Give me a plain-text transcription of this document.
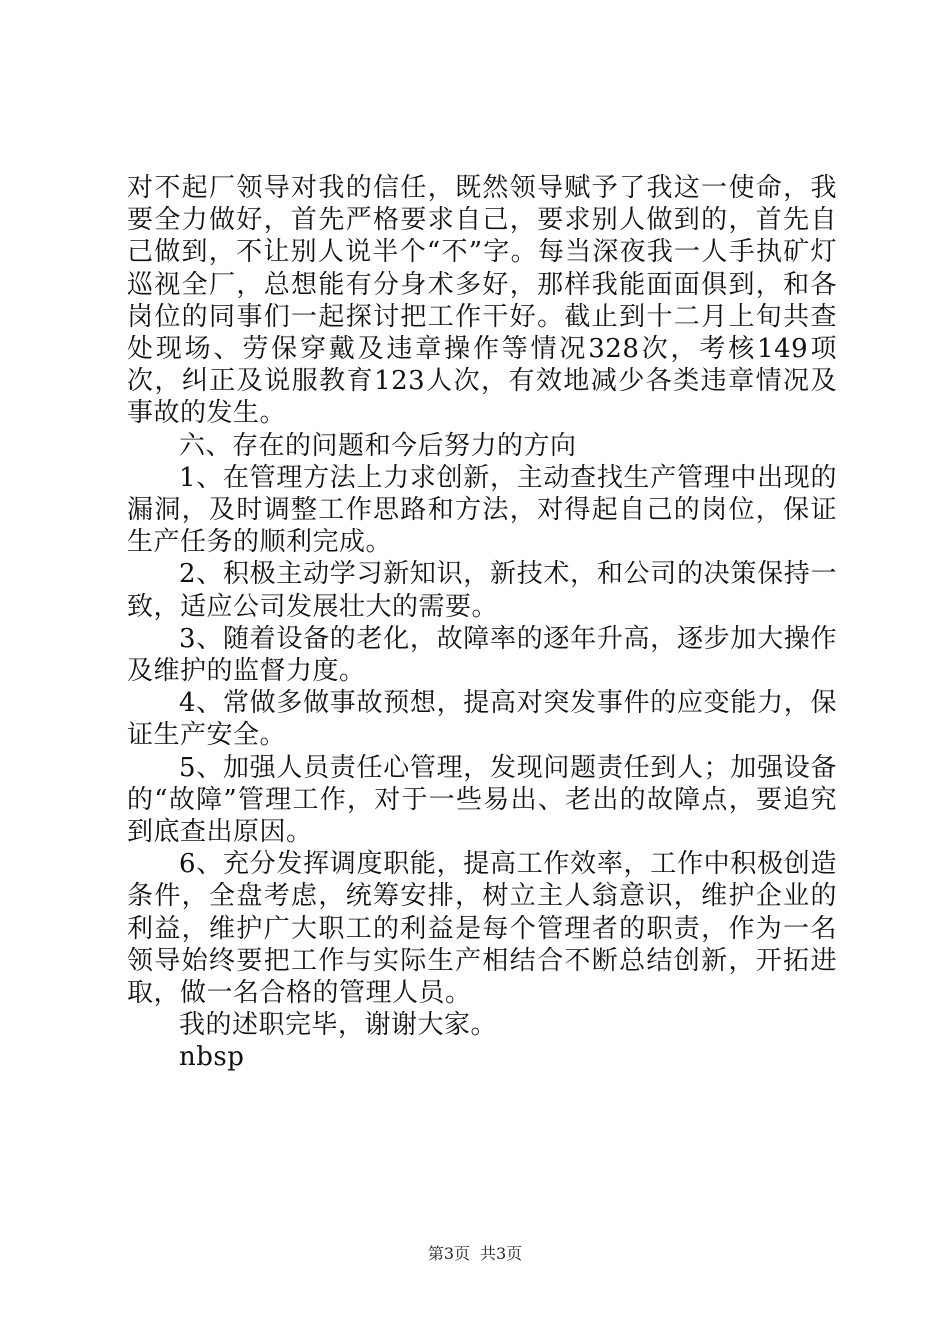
对不起厂领导对我的信任，既然领导赋予了我这一使命，我要全力做好，首先严格要求自己，要求别人做到的，首先自己做到，不让别人说半个“不”字。每当深夜我一人手执矿灯巡视全厂，总想能有分身术多好，那样我能面面俱到，和各岗位的同事们一起探讨把工作干好。截止到十二月上旬共查处现场、劳保穿戴及违章操作等情况328次，考核149项次，纠正及说服教育123人次，有效地减少各类违章情况及事故的发生。

六、存在的问题和今后努力的方向

1、在管理方法上力求创新，主动查找生产管理中出现的漏洞，及时调整工作思路和方法，对得起自己的岗位，保证生产任务的顺利完成。

2、积极主动学习新知识，新技术，和公司的决策保持一致，适应公司发展壮大的需要。

3、随着设备的老化，故障率的逐年升高，逐步加大操作及维护的监督力度。

4、常做多做事故预想，提高对突发事件的应变能力，保证生产安全。

5、加强人员责任心管理，发现问题责任到人；加强设备的“故障”管理工作，对于一些易出、老出的故障点，要追究到底查出原因。

6、充分发挥调度职能，提高工作效率，工作中积极创造条件，全盘考虑，统筹安排，树立主人翁意识，维护企业的利益，维护广大职工的利益是每个管理者的职责，作为一名领导始终要把工作与实际生产相结合不断总结创新，开拓进取，做一名合格的管理人员。

我的述职完毕，谢谢大家。

nbsp

第3页 共3页
